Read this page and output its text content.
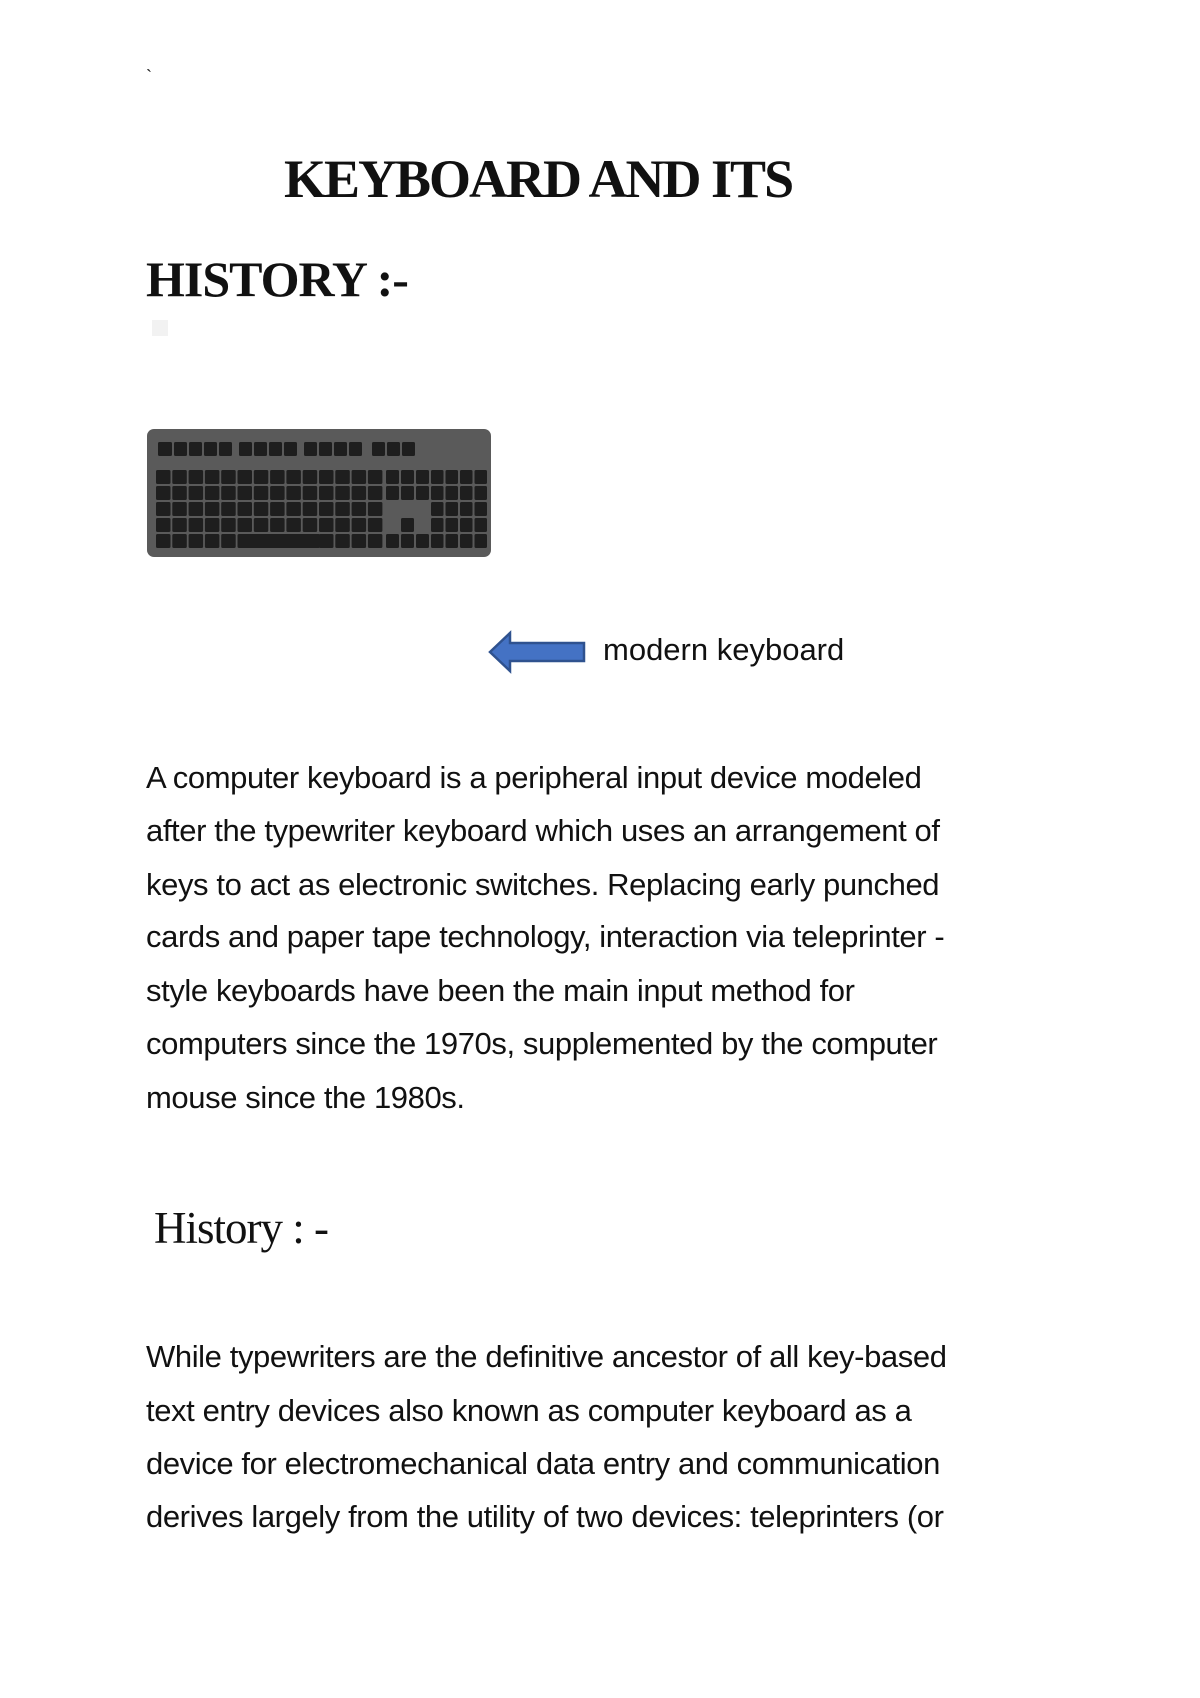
`
KEYBOARD AND ITS
HISTORY :-
modern keyboard
A computer keyboard is a peripheral input device modeled
after the typewriter keyboard which uses an arrangement of
keys to act as electronic switches. Replacing early punched
cards and paper tape technology, interaction via teleprinter -
style keyboards have been the main input method for
computers since the 1970s, supplemented by the computer
mouse since the 1980s.
History : -
While typewriters are the definitive ancestor of all key-based
text entry devices also known as computer keyboard as a
device for electromechanical data entry and communication
derives largely from the utility of two devices: teleprinters (or
